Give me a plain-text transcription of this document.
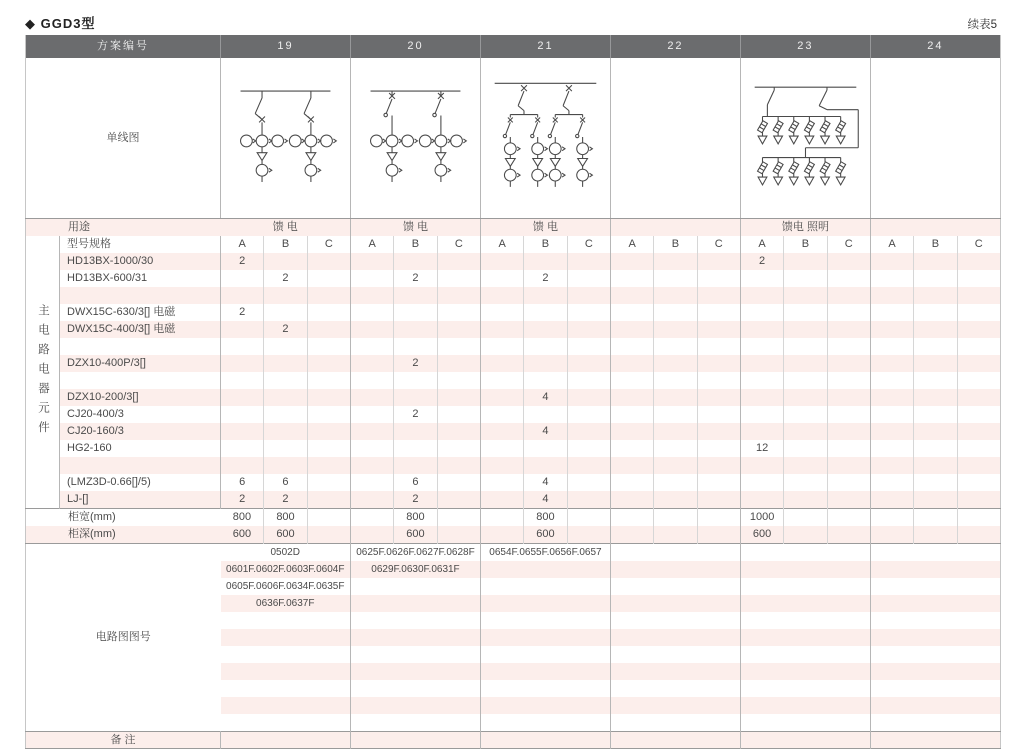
◆ GGD3型	续表5
方案编号		19			20			21			22			23			24		
单线图	

用途		馈 电			馈 电			馈 电						馈电 照明					
主电路电器元件	型号规格	A	B	C	A	B	C	A	B	C	A	B	C	A	B	C	A	B	C
	HD13BX-1000/30	2												2					
	HD13BX-600/31		2			2			2										

	DWX15C-630/3[] 电磁	2																	
	DWX15C-400/3[] 电磁		2																

	DZX10-400P/3[]					2													

	DZX10-200/3[]								4										
	CJ20-400/3					2													
	CJ20-160/3								4										
	HG2-160													12					

	(LMZ3D-0.66[]/5)	6	6			6			4										
	LJ-[]	2	2			2			4										
柜宽(mm)		800	800			800			800					1000					
柜深(mm)		600	600			600			600					600					
电路图图号		0502D			0625F.0626F.0627F.0628F			0654F.0655F.0656F.0657											
		0601F.0602F.0603F.0604F			0629F.0630F.0631F														
		0605F.0606F.0634F.0635F																	
		0636F.0637F																	

备 注																			
